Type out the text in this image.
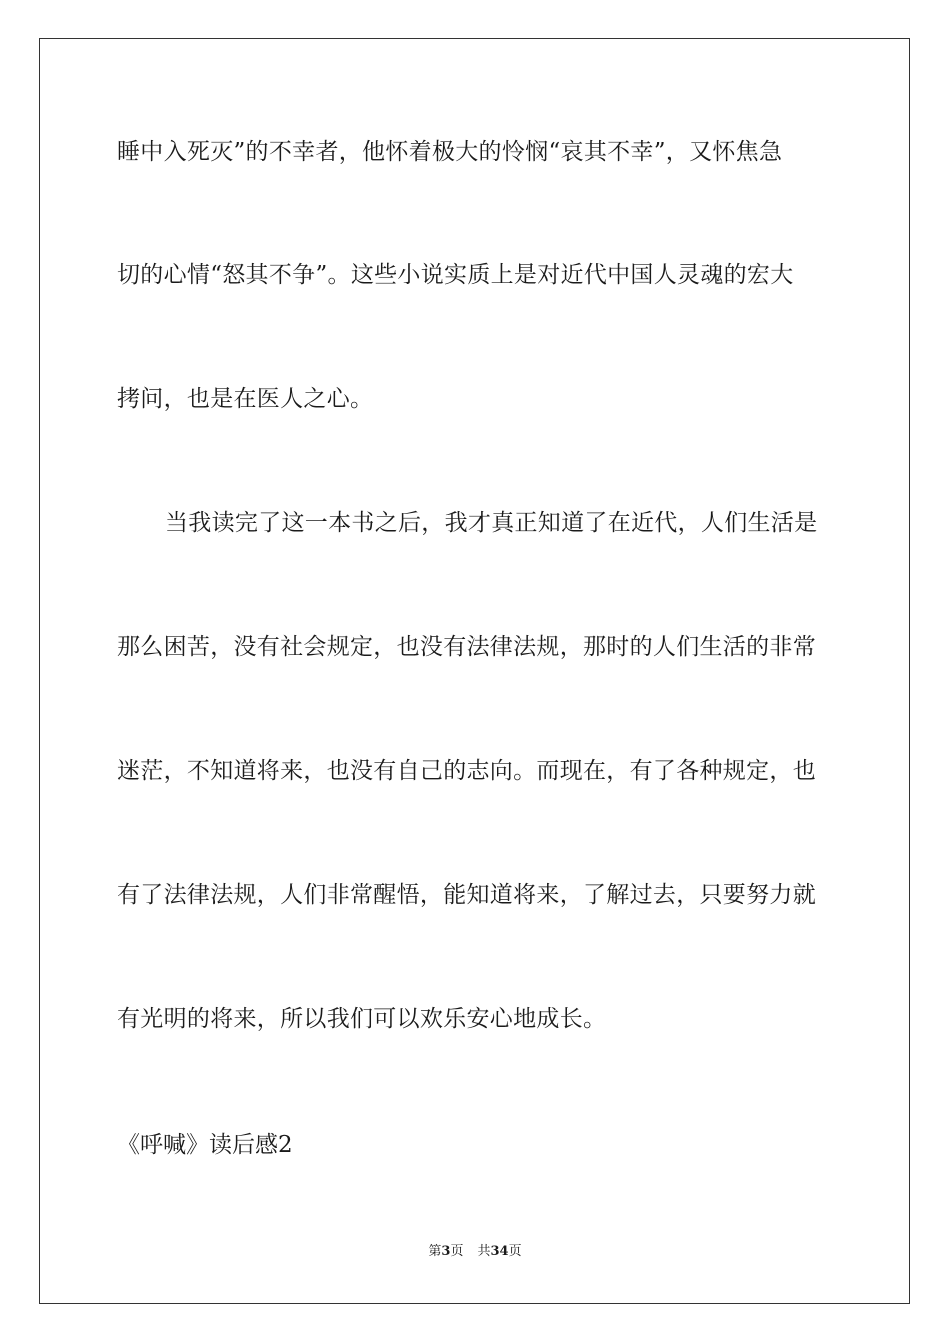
睡中入死灭”的不幸者，他怀着极大的怜悯“哀其不幸”，又怀焦急
切的心情“怒其不争”。这些小说实质上是对近代中国人灵魂的宏大
拷问，也是在医人之心。
当我读完了这一本书之后，我才真正知道了在近代，人们生活是
那么困苦，没有社会规定，也没有法律法规，那时的人们生活的非常
迷茫，不知道将来，也没有自己的志向。而现在，有了各种规定，也
有了法律法规，人们非常醒悟，能知道将来，了解过去，只要努力就
有光明的将来，所以我们可以欢乐安心地成长。
《呼喊》读后感2
第3页 共34页
